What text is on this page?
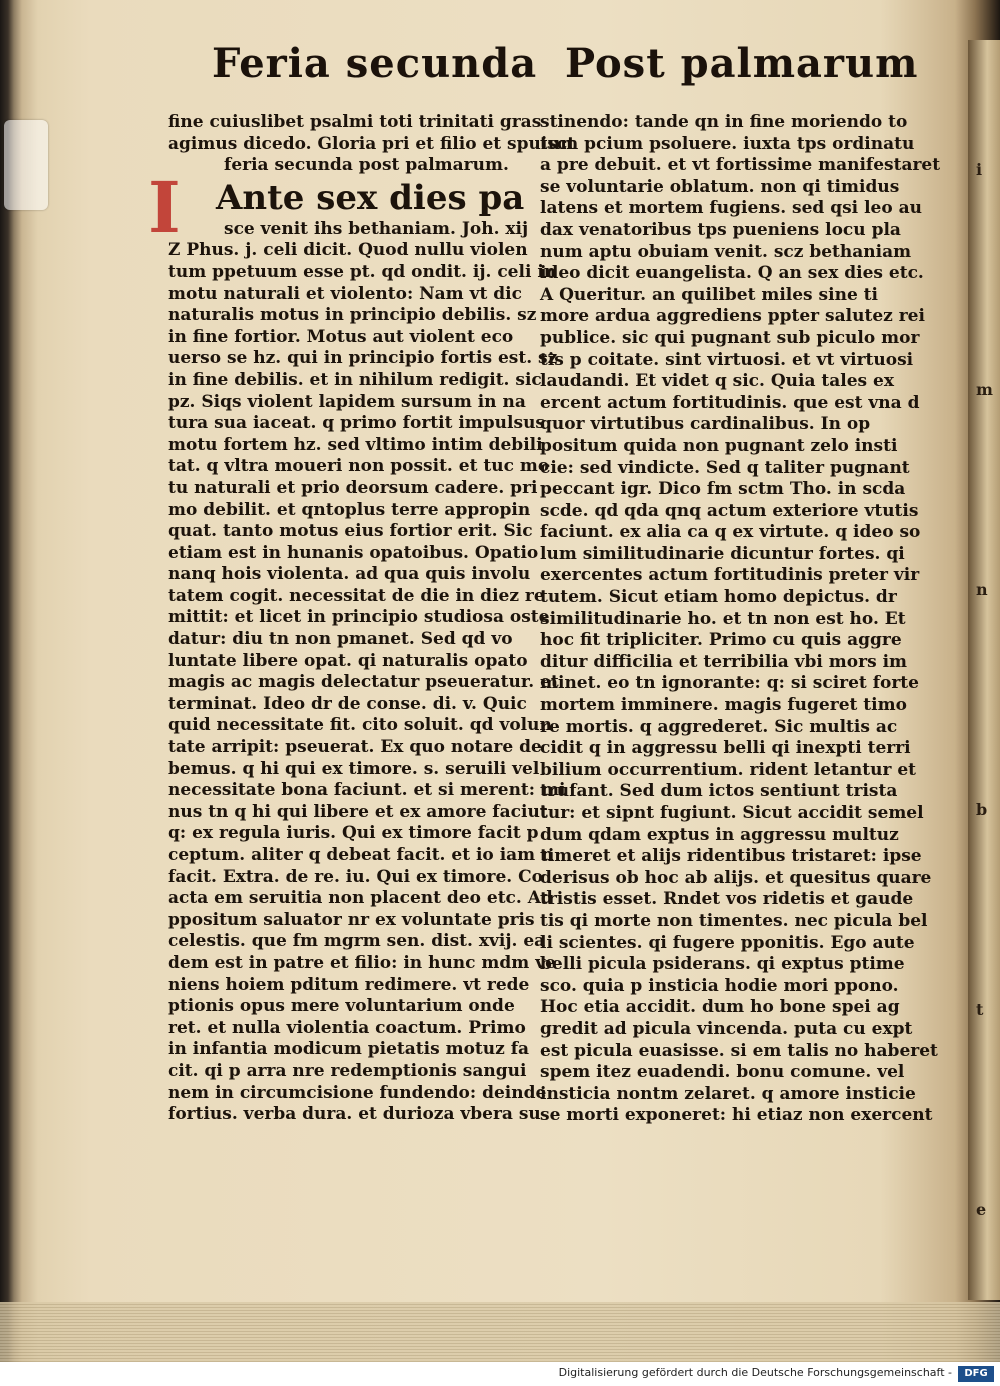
i
m
n
b
t
e
Feria secunda Post palmarum
I
fine cuiuslibet psalmi toti trinitati gras
agimus dicedo. Gloria pri et filio et spuisct
feria secunda post palmarum.
Ante sex dies pa
sce venit ihs bethaniam. Joh. xij
Z Phus. j. celi dicit. Quod nullu violen
tum ppetuum esse pt. qd ondit. ij. celi in
motu naturali et violento: Nam vt dic
naturalis motus in principio debilis. sz
in fine fortior. Motus aut violent eco
uerso se hz. qui in principio fortis est. sz
in fine debilis. et in nihilum redigit. sic
pz. Siqs violent lapidem sursum in na
tura sua iaceat. q primo fortit impulsus
motu fortem hz. sed vltimo intim debili
tat. q vltra moueri non possit. et tuc mo
tu naturali et prio deorsum cadere. pri
mo debilit. et qntoplus terre appropin
quat. tanto motus eius fortior erit. Sic
etiam est in hunanis opatoibus. Opatio
nanq hois violenta. ad qua quis involu
tatem cogit. necessitat de die in diez re
mittit: et licet in principio studiosa oste
datur: diu tn non pmanet. Sed qd vo
luntate libere opat. qi naturalis opato
magis ac magis delectatur pseueratur. et
terminat. Ideo dr de conse. di. v. Quic
quid necessitate fit. cito soluit. qd volun
tate arripit: pseuerat. Ex quo notare de
bemus. q hi qui ex timore. s. seruili vel
necessitate bona faciunt. et si merent: mi
nus tn q hi qui libere et ex amore faciut
q: ex regula iuris. Qui ex timore facit p
ceptum. aliter q debeat facit. et io iam n
facit. Extra. de re. iu. Qui ex timore. Co
acta em seruitia non placent deo etc. Ad
ppositum saluator nr ex voluntate pris
celestis. que fm mgrm sen. dist. xvij. ea
dem est in patre et filio: in hunc mdm ve
niens hoiem pditum redimere. vt rede
ptionis opus mere voluntarium onde
ret. et nulla violentia coactum. Primo
in infantia modicum pietatis motuz fa
cit. qi p arra nre redemptionis sangui
nem in circumcisione fundendo: deinde
fortius. verba dura. et durioza vbera su
stinendo: tande qn in fine moriendo to
tum pcium psoluere. iuxta tps ordinatu
a pre debuit. et vt fortissime manifestaret
se voluntarie oblatum. non qi timidus
latens et mortem fugiens. sed qsi leo au
dax venatoribus tps pueniens locu pla
num aptu obuiam venit. scz bethaniam
ideo dicit euangelista. Q an sex dies etc.
A Queritur. an quilibet miles sine ti
more ardua aggrediens ppter salutez rei
publice. sic qui pugnant sub piculo mor
tis p coitate. sint virtuosi. et vt virtuosi
laudandi. Et videt q sic. Quia tales ex
ercent actum fortitudinis. que est vna d
quor virtutibus cardinalibus. In op
positum quida non pugnant zelo insti
cie: sed vindicte. Sed q taliter pugnant
peccant igr. Dico fm sctm Tho. in scda
scde. qd qda qnq actum exteriore vtutis
faciunt. ex alia ca q ex virtute. q ideo so
lum similitudinarie dicuntur fortes. qi
exercentes actum fortitudinis preter vir
tutem. Sicut etiam homo depictus. dr
similitudinarie ho. et tn non est ho. Et
hoc fit tripliciter. Primo cu quis aggre
ditur difficilia et terribilia vbi mors im
minet. eo tn ignorante: q: si sciret forte
mortem imminere. magis fugeret timo
re mortis. q aggrederet. Sic multis ac
cidit q in aggressu belli qi inexpti terri
bilium occurrentium. rident letantur et
trufant. Sed dum ictos sentiunt trista
tur: et sipnt fugiunt. Sicut accidit semel
dum qdam exptus in aggressu multuz
timeret et alijs ridentibus tristaret: ipse
derisus ob hoc ab alijs. et quesitus quare
tristis esset. Rndet vos ridetis et gaude
tis qi morte non timentes. nec picula bel
li scientes. qi fugere pponitis. Ego aute
belli picula psiderans. qi exptus ptime
sco. quia p insticia hodie mori ppono.
Hoc etia accidit. dum ho bone spei ag
gredit ad picula vincenda. puta cu expt
est picula euasisse. si em talis no haberet
spem itez euadendi. bonu comune. vel
insticia nontm zelaret. q amore insticie
se morti exponeret: hi etiaz non exercent
Digitalisierung gefördert durch die Deutsche Forschungsgemeinschaft -	DFG
